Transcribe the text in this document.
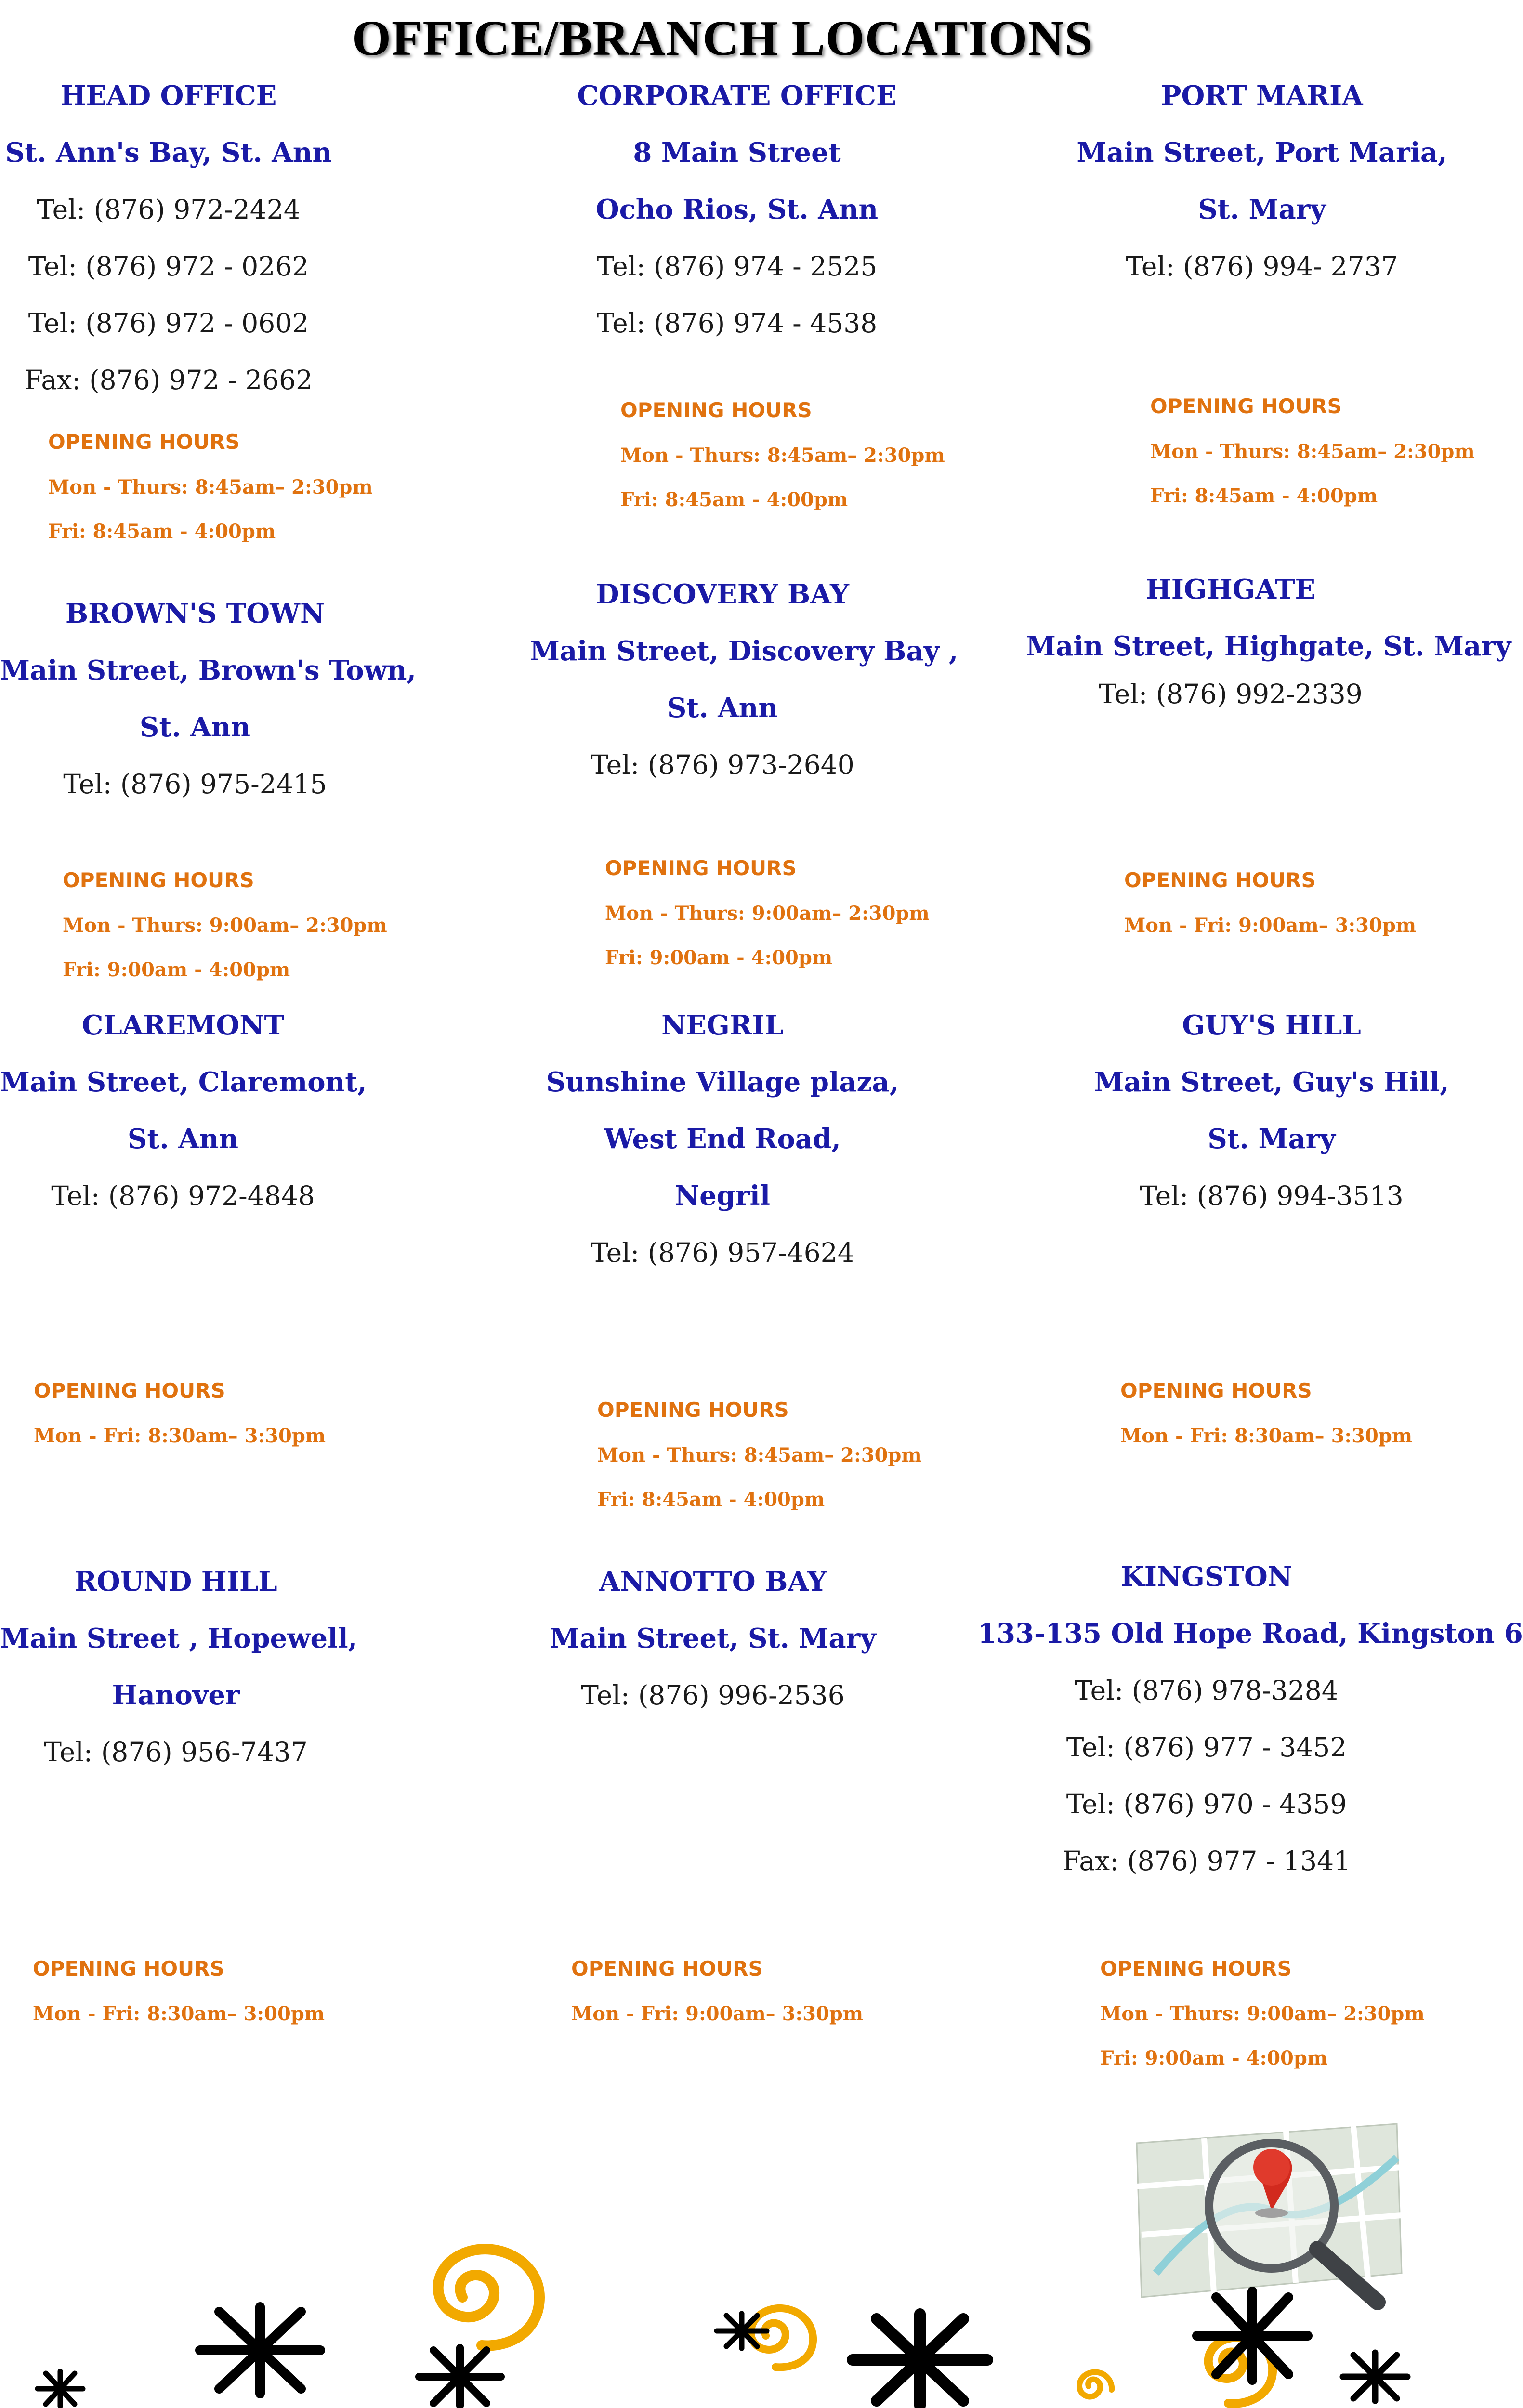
OFFICE/BRANCH LOCATIONS
HEAD OFFICE
St. Ann's Bay, St. Ann
Tel: (876) 972-2424
Tel: (876) 972 - 0262
Tel: (876) 972 - 0602
Fax: (876) 972 - 2662
OPENING HOURS
Mon - Thurs: 8:45am– 2:30pm
Fri: 8:45am - 4:00pm
CORPORATE OFFICE
8 Main Street
Ocho Rios, St. Ann
Tel: (876) 974 - 2525
Tel: (876) 974 - 4538
OPENING HOURS
Mon - Thurs: 8:45am– 2:30pm
Fri: 8:45am - 4:00pm
PORT MARIA
Main Street, Port Maria,
St. Mary
Tel: (876) 994- 2737
OPENING HOURS
Mon - Thurs: 8:45am– 2:30pm
Fri: 8:45am - 4:00pm
BROWN'S TOWN
Main Street, Brown's Town,
St. Ann
Tel: (876) 975-2415
OPENING HOURS
Mon - Thurs: 9:00am– 2:30pm
Fri: 9:00am - 4:00pm
DISCOVERY BAY
Main Street, Discovery Bay ,
St. Ann
Tel: (876) 973-2640
OPENING HOURS
Mon - Thurs: 9:00am– 2:30pm
Fri: 9:00am - 4:00pm
HIGHGATE
Main Street, Highgate, St. Mary
Tel: (876) 992-2339
OPENING HOURS
Mon - Fri: 9:00am– 3:30pm
CLAREMONT
Main Street, Claremont,
St. Ann
Tel: (876) 972-4848
OPENING HOURS
Mon - Fri: 8:30am– 3:30pm
NEGRIL
Sunshine Village plaza,
West End Road,
Negril
Tel: (876) 957-4624
OPENING HOURS
Mon - Thurs: 8:45am– 2:30pm
Fri: 8:45am - 4:00pm
GUY'S HILL
Main Street, Guy's Hill,
St. Mary
Tel: (876) 994-3513
OPENING HOURS
Mon - Fri: 8:30am– 3:30pm
ROUND HILL
Main Street , Hopewell,
Hanover
Tel: (876) 956-7437
OPENING HOURS
Mon - Fri: 8:30am– 3:00pm
ANNOTTO BAY
Main Street, St. Mary
Tel: (876) 996-2536
OPENING HOURS
Mon - Fri: 9:00am– 3:30pm
KINGSTON
133-135 Old Hope Road, Kingston 6
Tel: (876) 978-3284
Tel: (876) 977 - 3452
Tel: (876) 970 - 4359
Fax: (876) 977 - 1341
OPENING HOURS
Mon - Thurs: 9:00am– 2:30pm
Fri: 9:00am - 4:00pm
